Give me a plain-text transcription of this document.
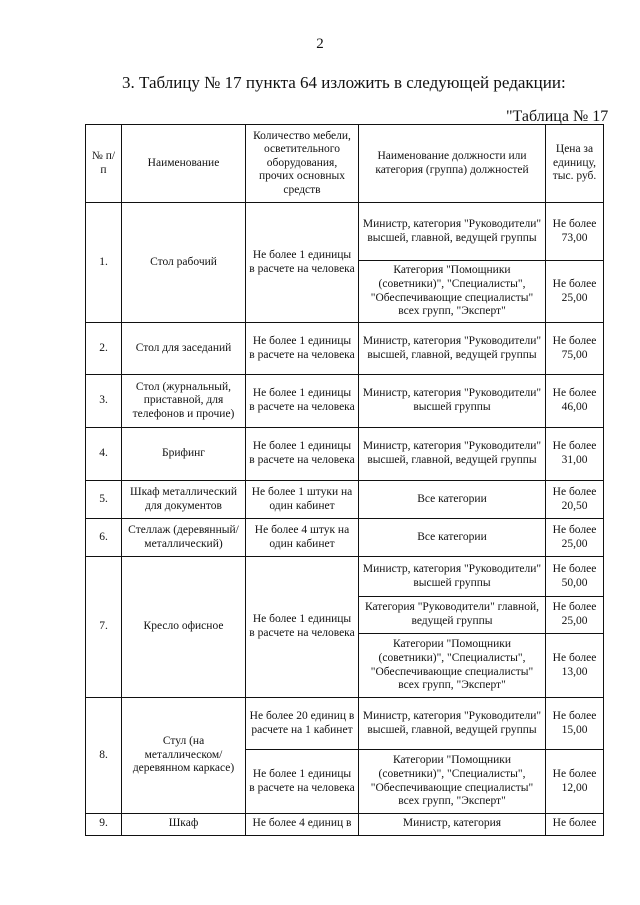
2
3. Таблицу № 17 пункта 64 изложить в следующей редакции:
"Таблица № 17
№ п/п	Наименование	Количество мебели, осветительного оборудования, прочих основных средств	Наименование должности или категория (группа) должностей	Цена за единицу, тыс. руб.
1.	Стол рабочий	Не более 1 единицы в расчете на человека	Министр, категория "Руководители" высшей, главной, ведущей группы	Не более 73,00
			Категория "Помощники (советники)", "Специалисты", "Обеспечивающие специалисты" всех групп, "Эксперт"	Не более 25,00
2.	Стол для заседаний	Не более 1 единицы в расчете на человека	Министр, категория "Руководители" высшей, главной, ведущей группы	Не более 75,00
3.	Стол (журнальный, приставной, для телефонов и прочие)	Не более 1 единицы в расчете на человека	Министр, категория "Руководители" высшей группы	Не более 46,00
4.	Брифинг	Не более 1 единицы в расчете на человека	Министр, категория "Руководители" высшей, главной, ведущей группы	Не более 31,00
5.	Шкаф металлический для документов	Не более 1 штуки на один кабинет	Все категории	Не более 20,50
6.	Стеллаж (деревянный/ металлический)	Не более 4 штук на один кабинет	Все категории	Не более 25,00
7.	Кресло офисное	Не более 1 единицы в расчете на человека	Министр, категория "Руководители" высшей группы	Не более 50,00
			Категория "Руководители" главной, ведущей группы	Не более 25,00
			Категории "Помощники (советники)", "Специалисты", "Обеспечивающие специалисты" всех групп, "Эксперт"	Не более 13,00
8.	Стул (на металлическом/ деревянном каркасе)	Не более 20 единиц в расчете на 1 кабинет	Министр, категория "Руководители" высшей, главной, ведущей группы	Не более 15,00
		Не более 1 единицы в расчете на человека	Категории "Помощники (советники)", "Специалисты", "Обеспечивающие специалисты" всех групп, "Эксперт"	Не более 12,00
9.	Шкаф	Не более 4 единиц в	Министр, категория	Не более
